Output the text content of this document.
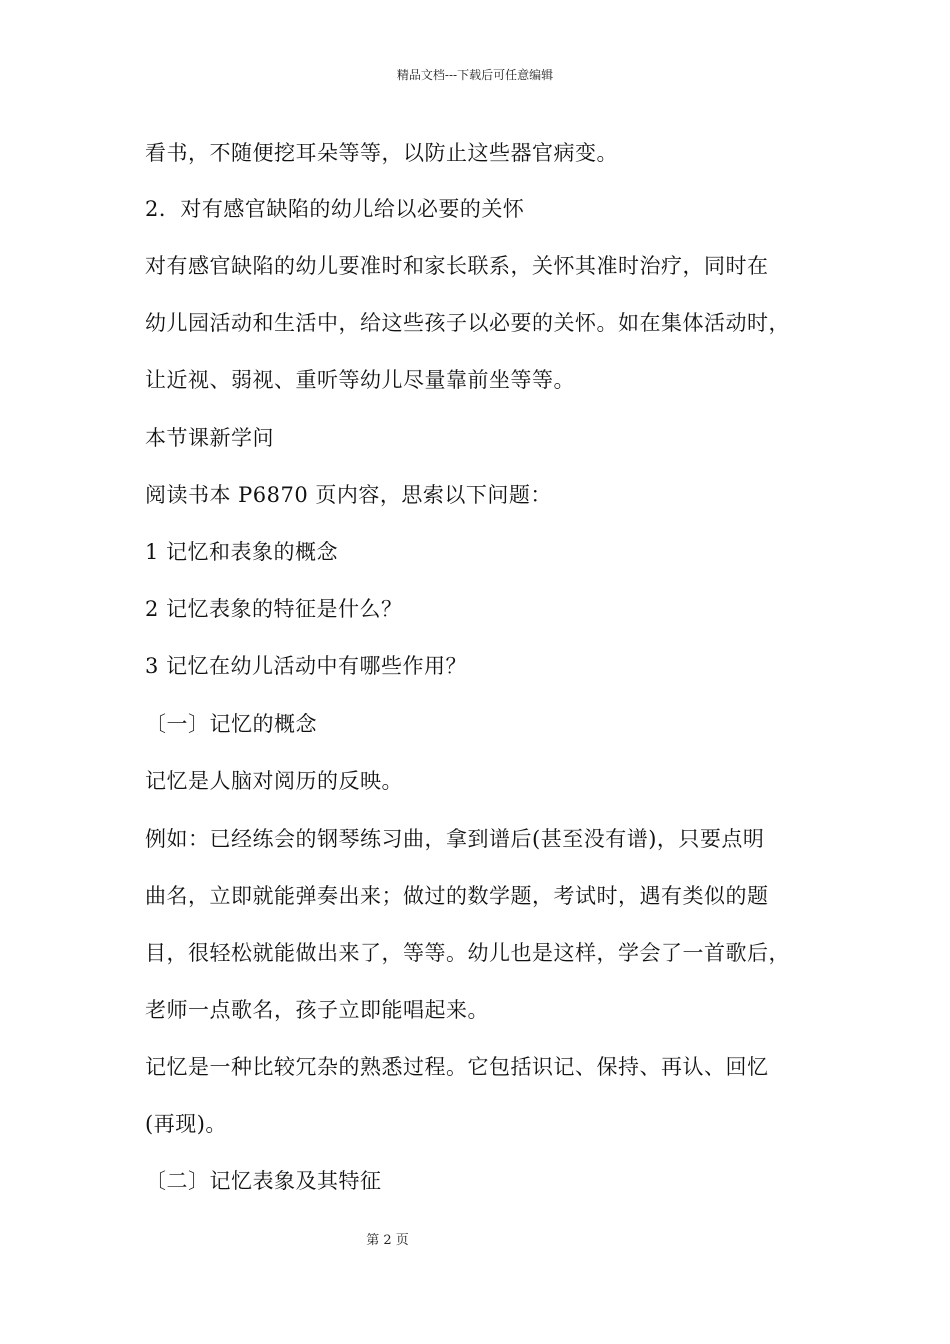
精品文档---下载后可任意编辑
看书，不随便挖耳朵等等，以防止这些器官病变。
2．对有感官缺陷的幼儿给以必要的关怀
对有感官缺陷的幼儿要准时和家长联系，关怀其准时治疗，同时在
幼儿园活动和生活中，给这些孩子以必要的关怀。如在集体活动时，
让近视、弱视、重听等幼儿尽量靠前坐等等。
本节课新学问
阅读书本 P6870 页内容，思索以下问题：
1 记忆和表象的概念
2 记忆表象的特征是什么？
3 记忆在幼儿活动中有哪些作用？
〔一〕记忆的概念
记忆是人脑对阅历的反映。
例如：已经练会的钢琴练习曲，拿到谱后(甚至没有谱)，只要点明
曲名，立即就能弹奏出来；做过的数学题，考试时，遇有类似的题
目，很轻松就能做出来了，等等。幼儿也是这样，学会了一首歌后，
老师一点歌名，孩子立即能唱起来。
记忆是一种比较冗杂的熟悉过程。它包括识记、保持、再认、回忆
(再现)。
〔二〕记忆表象及其特征
第 2 页
